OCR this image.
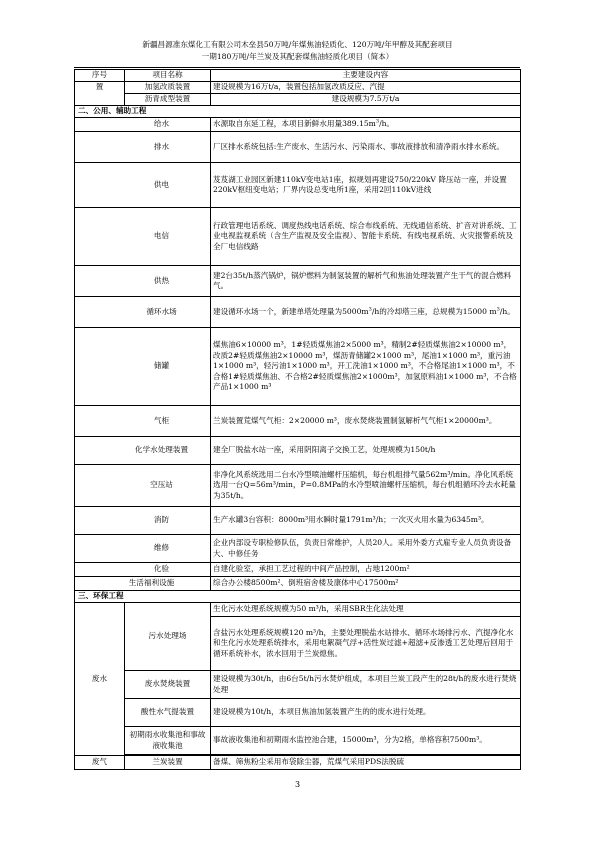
新疆昌源准东煤化工有限公司木垒县50万吨/年煤焦油轻质化、120万吨/年甲醇及其配套项目
一期180万吨/年兰炭及其配套煤焦油轻质化项目（简本）
序号	项目名称	主要建设内容
置	加氢改质装置	建设规模为16万t/a，装置包括加氢改质反应、汽提
	沥青成型装置	建设规模为7.5万t/a
二、公用、辅助工程		
给水		水源取自东延工程，本项目新鲜水用量$389.15m^3/h$。
排水		厂区排水系统包括:生产废水、生活污水、污染雨水、事故液排放和清净雨水排水系统。
供电		芨芨湖工业园区新建110kV变电站1座，拟规划再建设750/220kV 降压站一座，并设置220kV枢纽变电站；厂界内设总变电所1座，采用2回110kV进线
电信		行政管理电话系统、调度热线电话系统、综合布线系统、无线通信系统、扩音对讲系统、工业电视监视系统（含生产监视及安全监视）、智能卡系统、有线电视系统、火灾报警系统及全厂电信线路
供热		建2台35t/h蒸汽锅炉，锅炉燃料为制氢装置的解析气和焦油处理装置产生干气的混合燃料气。
循环水场		建设循环水场一个，新建单塔处理量为$5000m^3/h$的冷却塔三座，总规模为15000 $m^3/h$。
储罐		煤焦油6×10000 m³，1#轻质煤焦油2×5000 m³，精制2#轻质煤焦油2×10000 m³，改质2#轻质煤焦油2×10000 m³，煤沥青储罐2×1000 m³，尾油1×1000 m³，重污油1×1000 m³，轻污油1×1000 m³，开工洗油1×1000 m³，不合格尾油1×1000 m³，不合格1#轻质煤焦油、不合格2#轻质煤焦油2×1000m³，加氢原料油1×1000 m³，不合格产品1×1000 m³
气柜		兰炭装置荒煤气气柜：2×20000 m³，废水焚烧装置制氢解析气气柜1×20000m³。
化学水处理装置		建全厂脱盐水站一座，采用阴阳离子交换工艺，处理规模为150t/h
空压站		非净化风系统选用二台水冷型喷油螺杆压缩机，每台机组排气量562m³/min。净化风系统选用一台Q=56m³/min，P=0.8MPa的水冷型喷油螺杆压缩机，每台机组循环冷去水耗量为35t/h。
消防		生产水罐3台容积：8000m³用水瞬时量1791m³/h；一次灭火用水量为6345m³。
维修		企业内部设专职检修队伍，负责日常维护，人员20人。采用外委方式雇专业人员负责设备大、中修任务
化验		自建化验室，承担工艺过程的中间产品控制，占地1200m²
生活福利设施		综合办公楼8500m²、倒班宿舍楼及康体中心17500m²
三、环保工程		
废水	污水处理场	生化污水处理系统规模为50 m³/h，采用SBR生化法处理
		含盐污水处理系统规模120 m³/h，主要处理脱盐水站排水、循环水场排污水、汽提净化水和生化污水处理系统排水，采用电絮凝气浮+活性炭过滤+超滤+反渗透工艺处理后回用于循环系统补水，浓水回用于兰炭熄焦。
	废水焚烧装置	建设规模为30t/h，由6台5t/h污水焚炉组成，本项目兰炭工段产生的28t/h的废水进行焚烧处理
	酸性水气提装置	建设规模为10t/h，本项目焦油加氢装置产生的的废水进行处理。
	初期雨水收集池和事故液收集池	事故液收集池和初期雨水监控池合建，15000m³，分为2格，单格容积7500m³。

废气	兰炭装置	备煤、筛焦粉尘采用布袋除尘器，荒煤气采用PDS法脱硫
3
